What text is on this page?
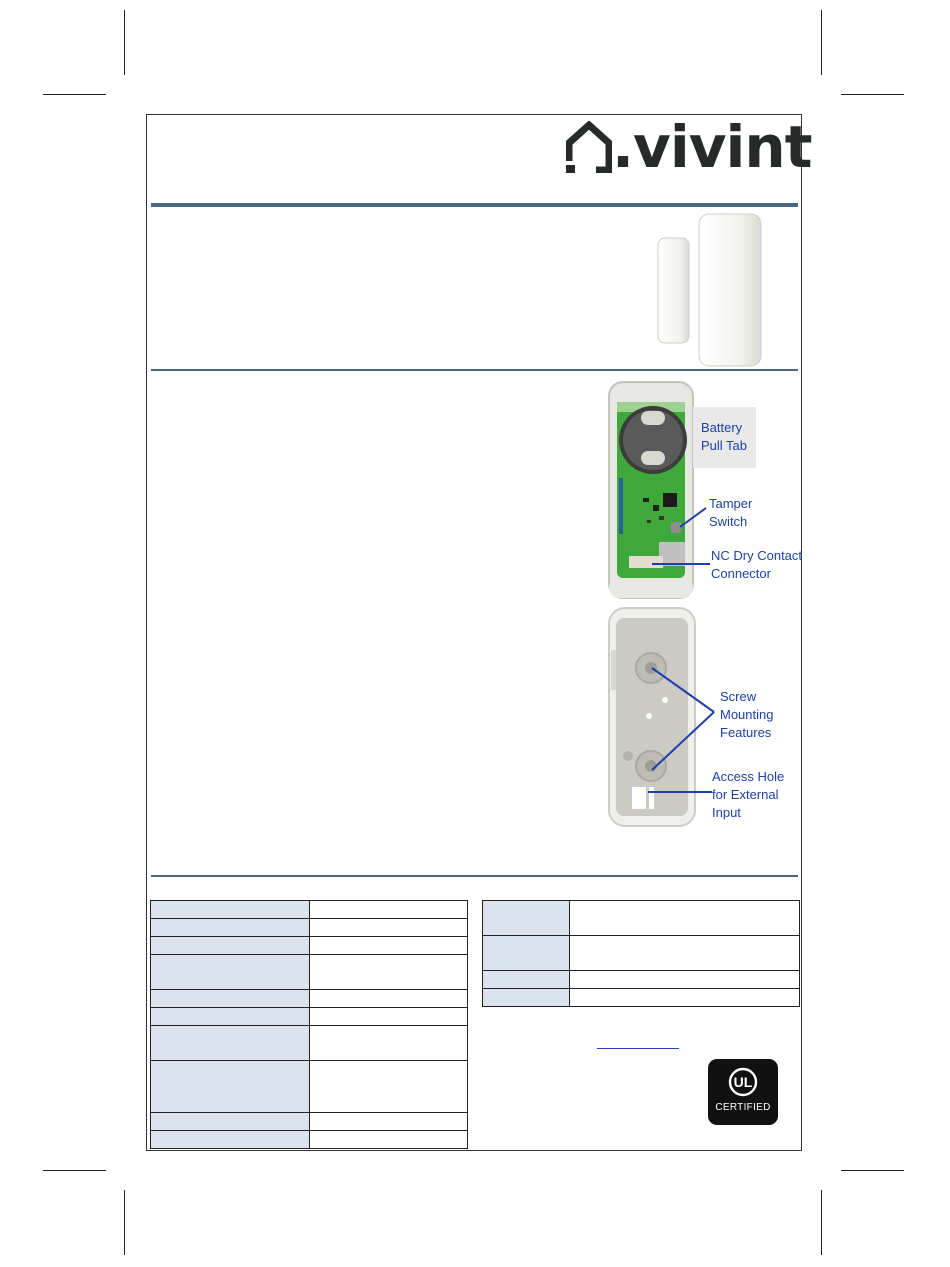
.vivint
Battery
Pull Tab
Tamper
Switch
NC Dry Contact
Connector
Screw
Mounting
Features
Access Hole
for External
Input

UL
CERTIFIED
